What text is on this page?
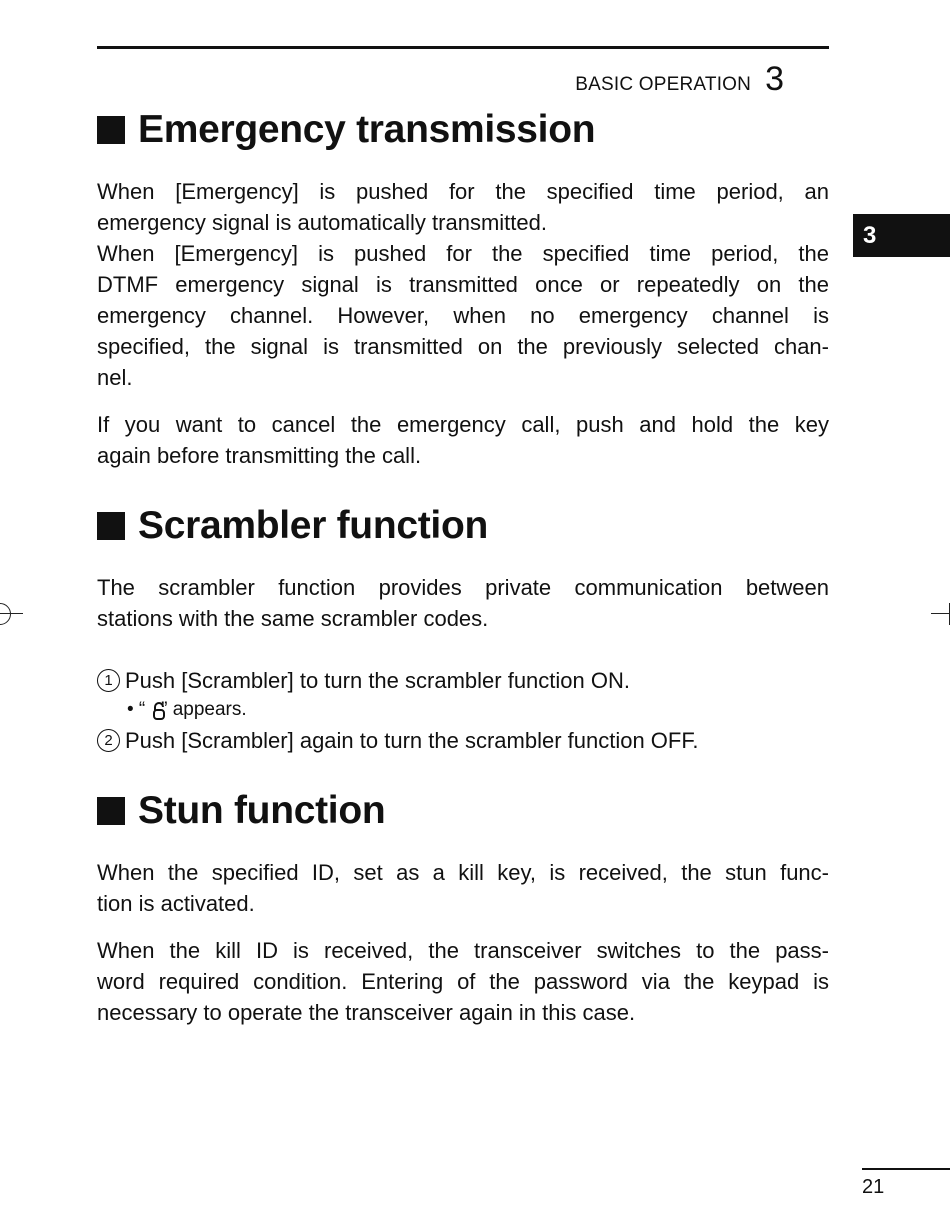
BASIC OPERATION 3
3
Emergency transmission
When [Emergency] is pushed for the specified time period, an
emergency signal is automatically transmitted.
When [Emergency] is pushed for the specified time period, the
DTMF emergency signal is transmitted once or repeatedly on the
emergency channel. However, when no emergency channel is
specified, the signal is transmitted on the previously selected chan-
nel.
If you want to cancel the emergency call, push and hold the key
again before transmitting the call.
Scrambler function
The scrambler function provides private communication between
stations with the same scrambler codes.
1 Push [Scrambler] to turn the scrambler function ON.
• “   ” appears.
2 Push [Scrambler] again to turn the scrambler function OFF.
Stun function
When the specified ID, set as a kill key, is received, the stun func-
tion is activated.
When the kill ID is received, the transceiver switches to the pass-
word required condition. Entering of the password via the keypad is
necessary to operate the transceiver again in this case.
21
